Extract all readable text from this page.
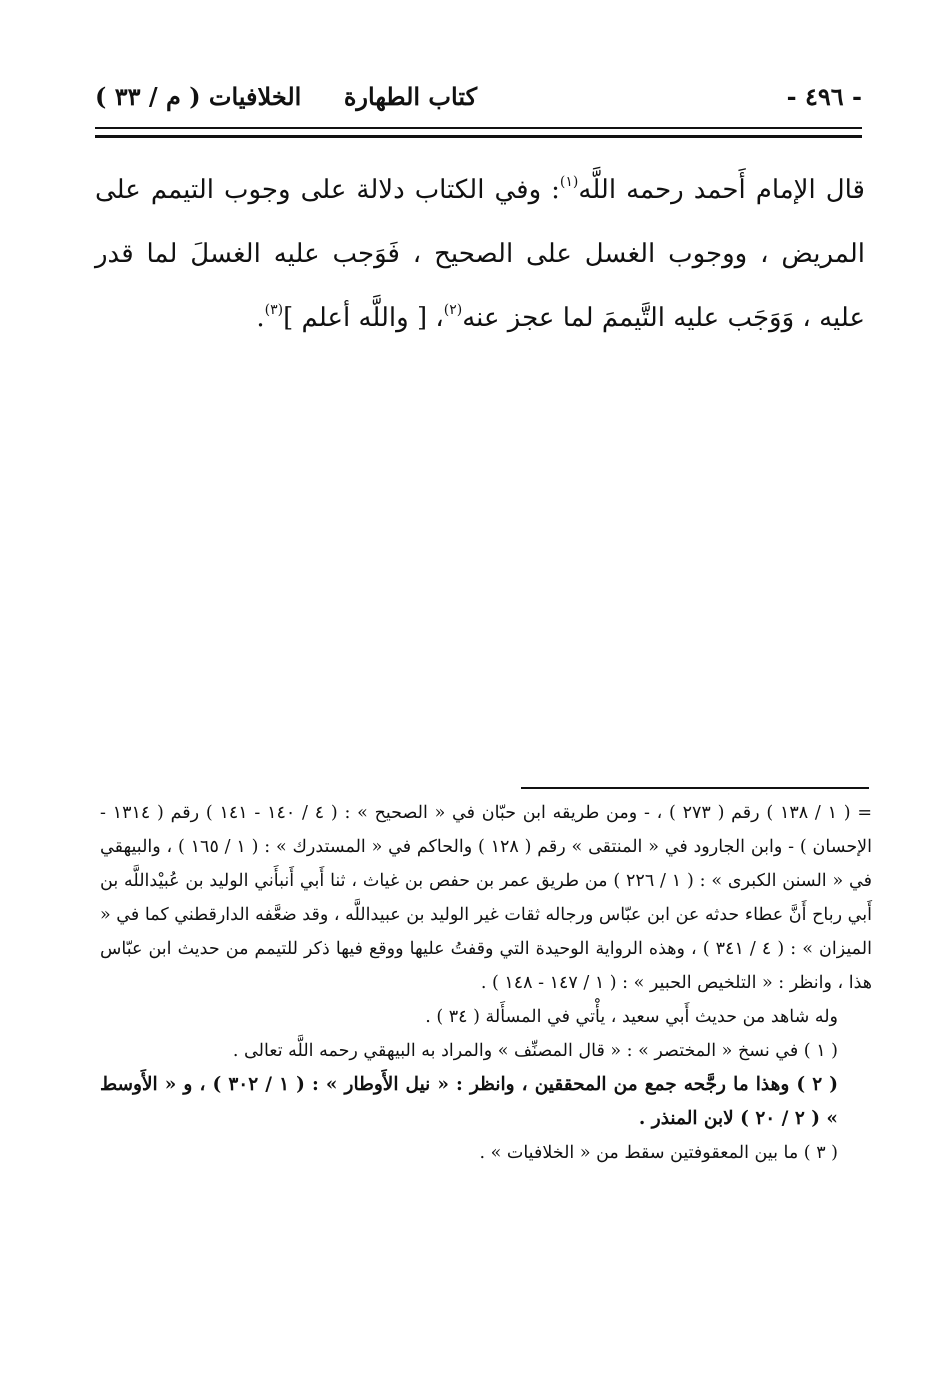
- ٤٩٦ -
كتاب الطهارة
الخلافيات ( م / ٣٣ )

قال الإمام أَحمد رحمه اللَّه$^{(١)}$: وفي الكتاب دلالة على وجوب التيمم على المريض ، ووجوب الغسل على الصحيح ، فَوَجب عليه الغسلَ لما قدر عليه ، وَوَجَب عليه التَّيممَ لما عجز عنه$^{(٢)}$، [ واللَّه أعلم ]$^{(٣)}$.

= ( ١ / ١٣٨ ) رقم ( ٢٧٣ ) ، - ومن طريقه ابن حبّان في « الصحيح » : ( ٤ / ١٤٠ - ١٤١ ) رقم ( ١٣١٤ - الإحسان ) - وابن الجارود في « المنتقى » رقم ( ١٢٨ ) والحاكم في « المستدرك » : ( ١ / ١٦٥ ) ، والبيهقي في « السنن الكبرى » : ( ١ / ٢٢٦ ) من طريق عمر بن حفص بن غياث ، ثنا أَبي أَنبأَني الوليد بن عُبيْداللَّه بن أَبي رباح أَنَّ عطاء حدثه عن ابن عبّاس ورجاله ثقات غير الوليد بن عبيداللَّه ، وقد ضعَّفه الدارقطني كما في « الميزان » : ( ٤ / ٣٤١ ) ، وهذه الرواية الوحيدة التي وقفتُ عليها ووقع فيها ذكر للتيمم من حديث ابن عبّاس هذا ، وانظر : « التلخيص الحبير » : ( ١ / ١٤٧ - ١٤٨ ) .

وله شاهد من حديث أَبي سعيد ، يأْتي في المسأَلة ( ٣٤ ) .

( ١ ) في نسخ « المختصر » : « قال المصنِّف » والمراد به البيهقي رحمه اللَّه تعالى .

( ٢ ) وهذا ما رجَّحه جمع من المحققين ، وانظر : « نيل الأَوطار » : ( ١ / ٣٠٢ ) ، و « الأَوسط » ( ٢ / ٢٠ ) لابن المنذر .

( ٣ ) ما بين المعقوفتين سقط من « الخلافيات » .
